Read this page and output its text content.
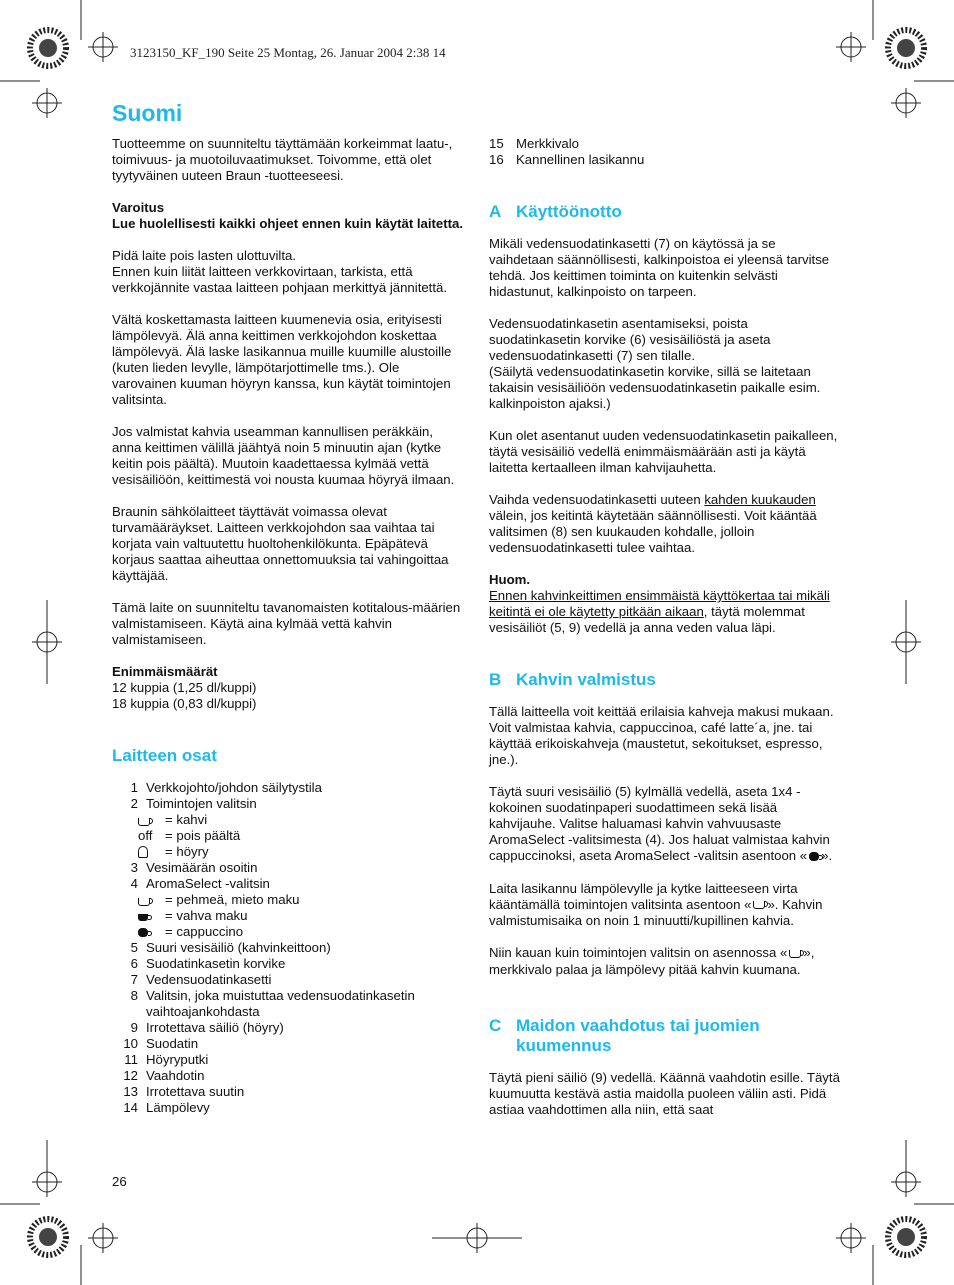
3123150_KF_190 Seite 25 Montag, 26. Januar 2004 2:38 14
Suomi

Tuotteemme on suunniteltu täyttämään korkeimmat laatu-, toimivuus- ja muotoiluvaatimukset. Toivomme, että olet tyytyväinen uuteen Braun -tuotteeseesi.

Varoitus
Lue huolellisesti kaikki ohjeet ennen kuin käytät laitetta.

Pidä laite pois lasten ulottuvilta.
Ennen kuin liität laitteen verkkovirtaan, tarkista, että verkkojännite vastaa laitteen pohjaan merkittyä jännitettä.

Vältä koskettamasta laitteen kuumenevia osia, erityisesti lämpölevyä. Älä anna keittimen verkkojohdon koskettaa lämpölevyä. Älä laske lasikannua muille kuumille alustoille (kuten lieden levylle, lämpötarjottimelle tms.). Ole varovainen kuuman höyryn kanssa, kun käytät toimintojen valitsinta.

Jos valmistat kahvia useamman kannullisen peräkkäin, anna keittimen välillä jäähtyä noin 5 minuutin ajan (kytke keitin pois päältä). Muutoin kaadettaessa kylmää vettä vesisäiliöön, keittimestä voi nousta kuumaa höyryä ilmaan.

Braunin sähkölaitteet täyttävät voimassa olevat turvamääräykset. Laitteen verkkojohdon saa vaihtaa tai korjata vain valtuutettu huoltohenkilökunta. Epäpätevä korjaus saattaa aiheuttaa onnettomuuksia tai vahingoittaa käyttäjää.

Tämä laite on suunniteltu tavanomaisten kotitalous-määrien valmistamiseen. Käytä aina kylmää vettä kahvin valmistamiseen.

Enimmäismäärät
12 kuppia (1,25 dl/kuppi)
18 kuppia (0,83 dl/kuppi)

Laitteen osat
1 Verkkojohto/johdon säilytystila
2 Toimintojen valitsin
= kahvi
off = pois päältä
= höyry
3 Vesimäärän osoitin
4 AromaSelect -valitsin
= pehmeä, mieto maku
= vahva maku
= cappuccino
5 Suuri vesisäiliö (kahvinkeittoon)
6 Suodatinkasetin korvike
7 Vedensuodatinkasetti
8 Valitsin, joka muistuttaa vedensuodatinkasetin vaihtoajankohdasta
9 Irrotettava säiliö (höyry)
10 Suodatin
11 Höyryputki
12 Vaahdotin
13 Irrotettava suutin
14 Lämpölevy
26
15 Merkkivalo
16 Kannellinen lasikannu
A Käyttöönotto

Mikäli vedensuodatinkasetti (7) on käytössä ja se vaihdetaan säännöllisesti, kalkinpoistoa ei yleensä tarvitse tehdä. Jos keittimen toiminta on kuitenkin selvästi hidastunut, kalkinpoisto on tarpeen.

Vedensuodatinkasetin asentamiseksi, poista suodatinkasetin korvike (6) vesisäiliöstä ja aseta vedensuodatinkasetti (7) sen tilalle.
(Säilytä vedensuodatinkasetin korvike, sillä se laitetaan takaisin vesisäiliöön vedensuodatinkasetin paikalle esim. kalkinpoiston ajaksi.)

Kun olet asentanut uuden vedensuodatinkasetin paikalleen, täytä vesisäiliö vedellä enimmäismäärään asti ja käytä laitetta kertaalleen ilman kahvijauhetta.

Vaihda vedensuodatinkasetti uuteen kahden kuukauden välein, jos keitintä käytetään säännöllisesti. Voit kääntää valitsimen (8) sen kuukauden kohdalle, jolloin vedensuodatinkasetti tulee vaihtaa.

Huom.
Ennen kahvinkeittimen ensimmäistä käyttökertaa tai mikäli keitintä ei ole käytetty pitkään aikaan, täytä molemmat vesisäiliöt (5, 9) vedellä ja anna veden valua läpi.

B Kahvin valmistus

Tällä laitteella voit keittää erilaisia kahveja makusi mukaan. Voit valmistaa kahvia, cappuccinoa, café latte´a, jne. tai käyttää erikoiskahveja (maustetut, sekoitukset, espresso, jne.).

Täytä suuri vesisäiliö (5) kylmällä vedellä, aseta 1x4 -kokoinen suodatinpaperi suodattimeen sekä lisää kahvijauhe. Valitse haluamasi kahvin vahvuusaste AromaSelect -valitsimesta (4). Jos haluat valmistaa kahvin cappuccinoksi, aseta AromaSelect -valitsin asentoon « ».

Laita lasikannu lämpölevylle ja kytke laitteeseen virta kääntämällä toimintojen valitsinta asentoon « ». Kahvin valmistumisaika on noin 1 minuutti/kupillinen kahvia.

Niin kauan kuin toimintojen valitsin on asennossa « », merkkivalo palaa ja lämpölevy pitää kahvin kuumana.

C Maidon vaahdotus tai juomien
kuumennus

Täytä pieni säiliö (9) vedellä. Käännä vaahdotin esille. Täytä kuumuutta kestävä astia maidolla puoleen väliin asti. Pidä astiaa vaahdottimen alla niin, että saat
